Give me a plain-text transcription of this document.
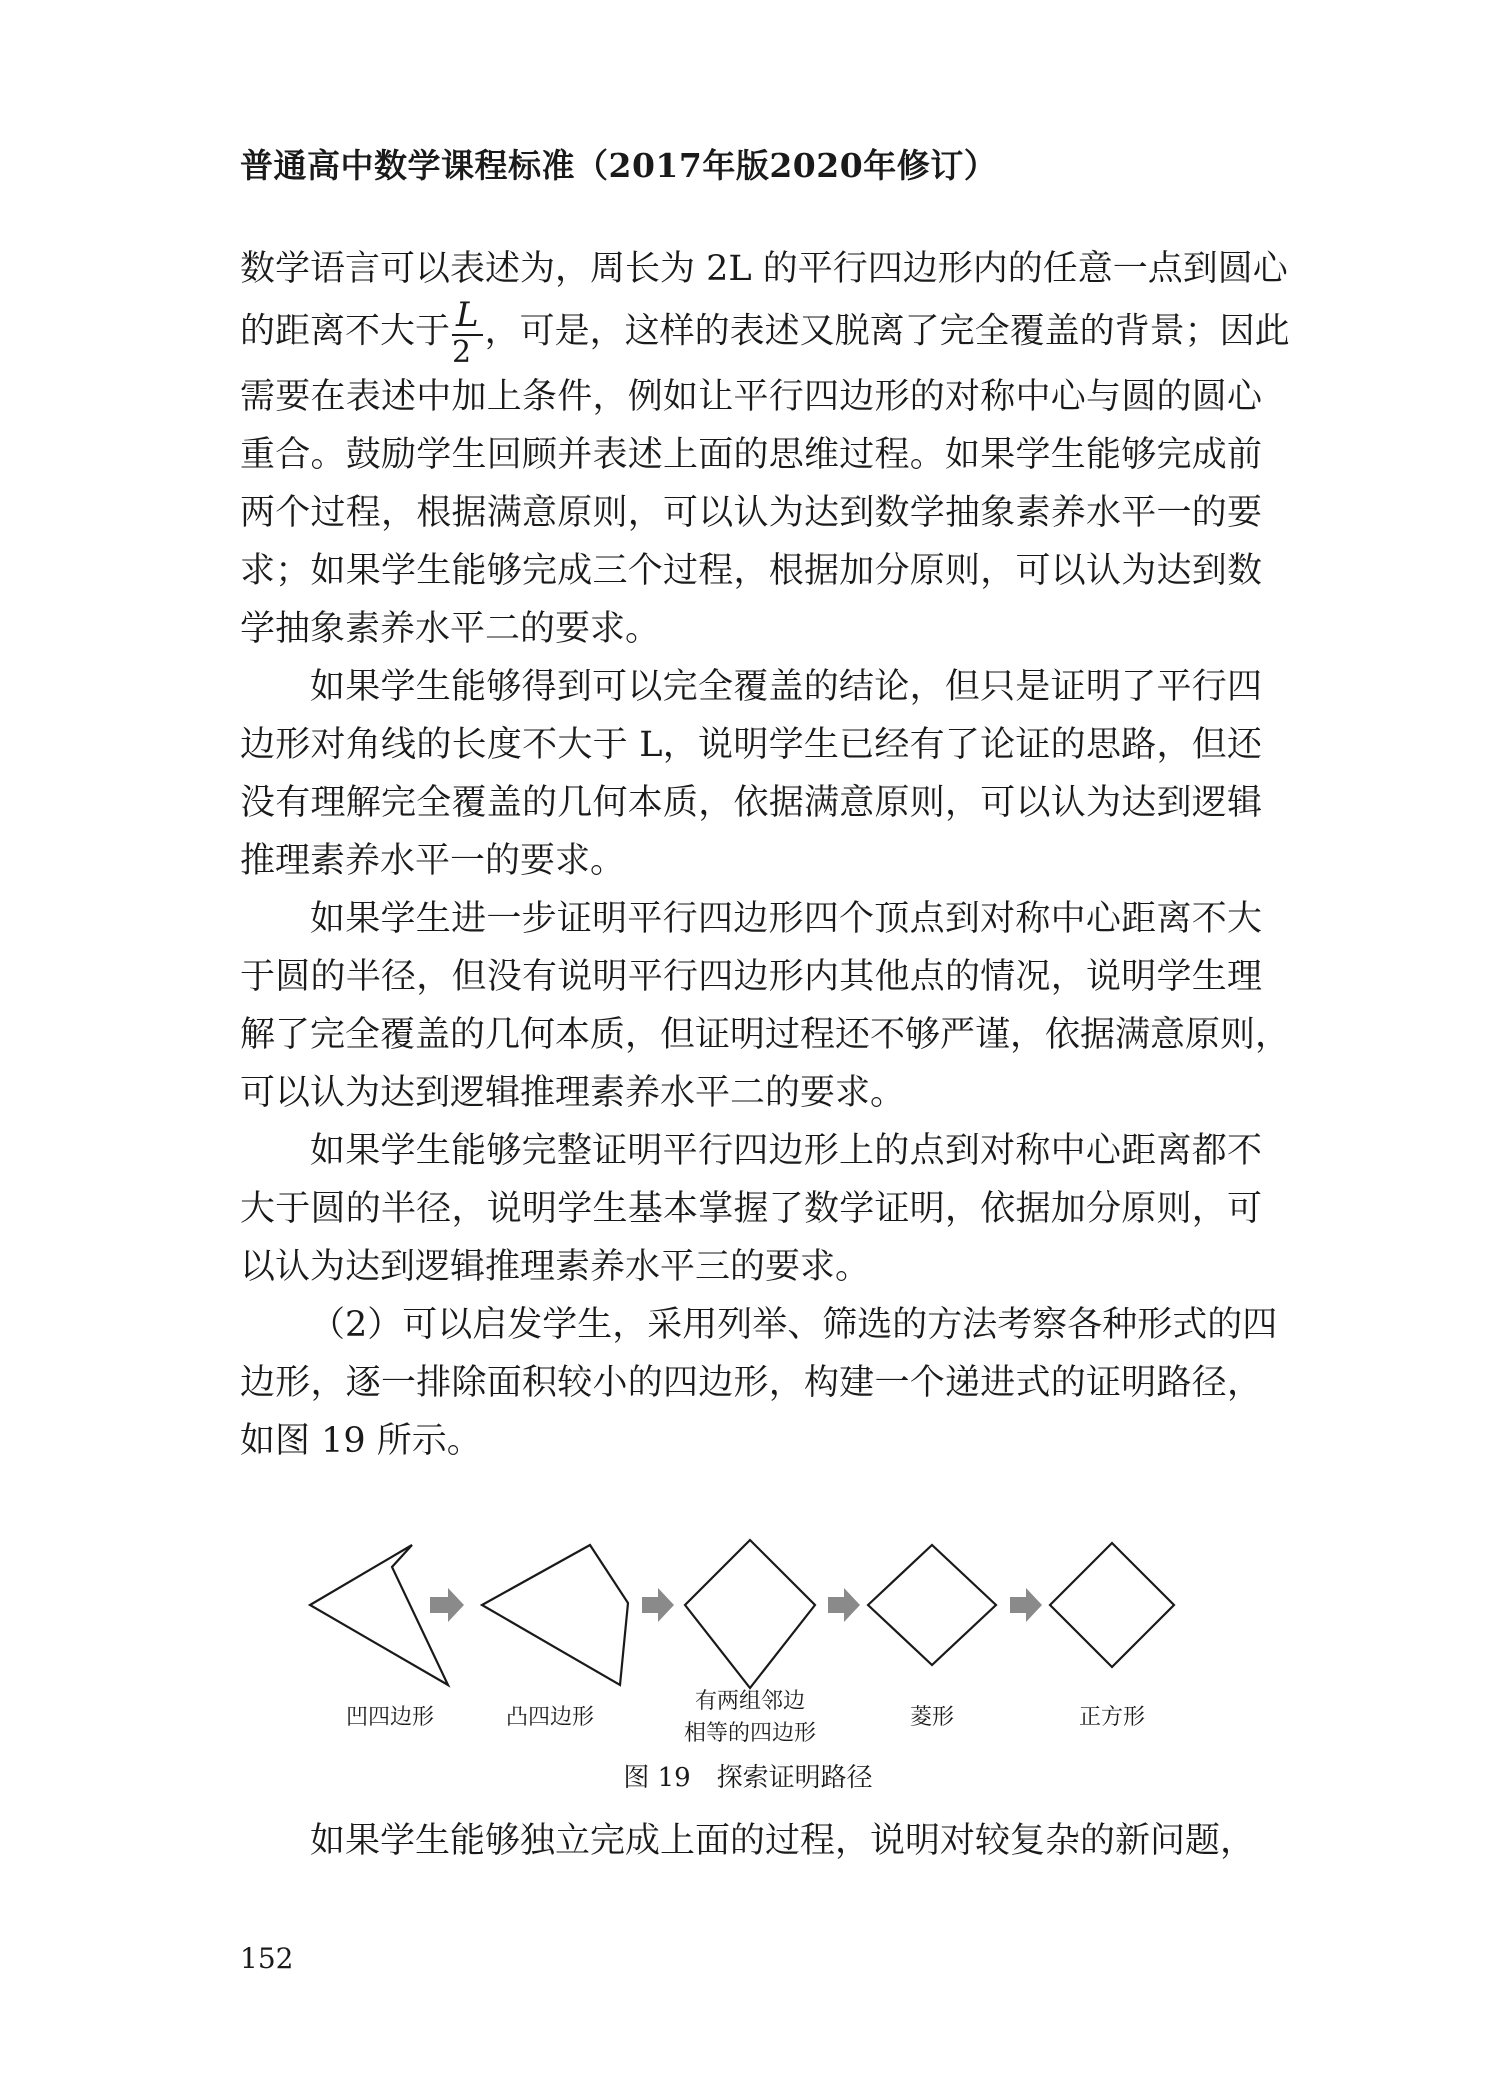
普通高中数学课程标准（2017年版2020年修订）
数学语言可以表述为，周长为 2L 的平行四边形内的任意一点到圆心
的距离不大于 $\frac{L}{2}$ ，可是，这样的表述又脱离了完全覆盖的背景；因此
需要在表述中加上条件，例如让平行四边形的对称中心与圆的圆心
重合。鼓励学生回顾并表述上面的思维过程。如果学生能够完成前
两个过程，根据满意原则，可以认为达到数学抽象素养水平一的要
求；如果学生能够完成三个过程，根据加分原则，可以认为达到数
学抽象素养水平二的要求。
如果学生能够得到可以完全覆盖的结论，但只是证明了平行四
边形对角线的长度不大于 L，说明学生已经有了论证的思路，但还
没有理解完全覆盖的几何本质，依据满意原则，可以认为达到逻辑
推理素养水平一的要求。
如果学生进一步证明平行四边形四个顶点到对称中心距离不大
于圆的半径，但没有说明平行四边形内其他点的情况，说明学生理
解了完全覆盖的几何本质，但证明过程还不够严谨，依据满意原则，
可以认为达到逻辑推理素养水平二的要求。
如果学生能够完整证明平行四边形上的点到对称中心距离都不
大于圆的半径，说明学生基本掌握了数学证明，依据加分原则，可
以认为达到逻辑推理素养水平三的要求。
（2）可以启发学生，采用列举、筛选的方法考察各种形式的四
边形，逐一排除面积较小的四边形，构建一个递进式的证明路径，
如图 19 所示。
凹四边形	凸四边形
有两组邻边
相等的四边形
菱形	正方形
图 19　探索证明路径
如果学生能够独立完成上面的过程，说明对较复杂的新问题，
152
